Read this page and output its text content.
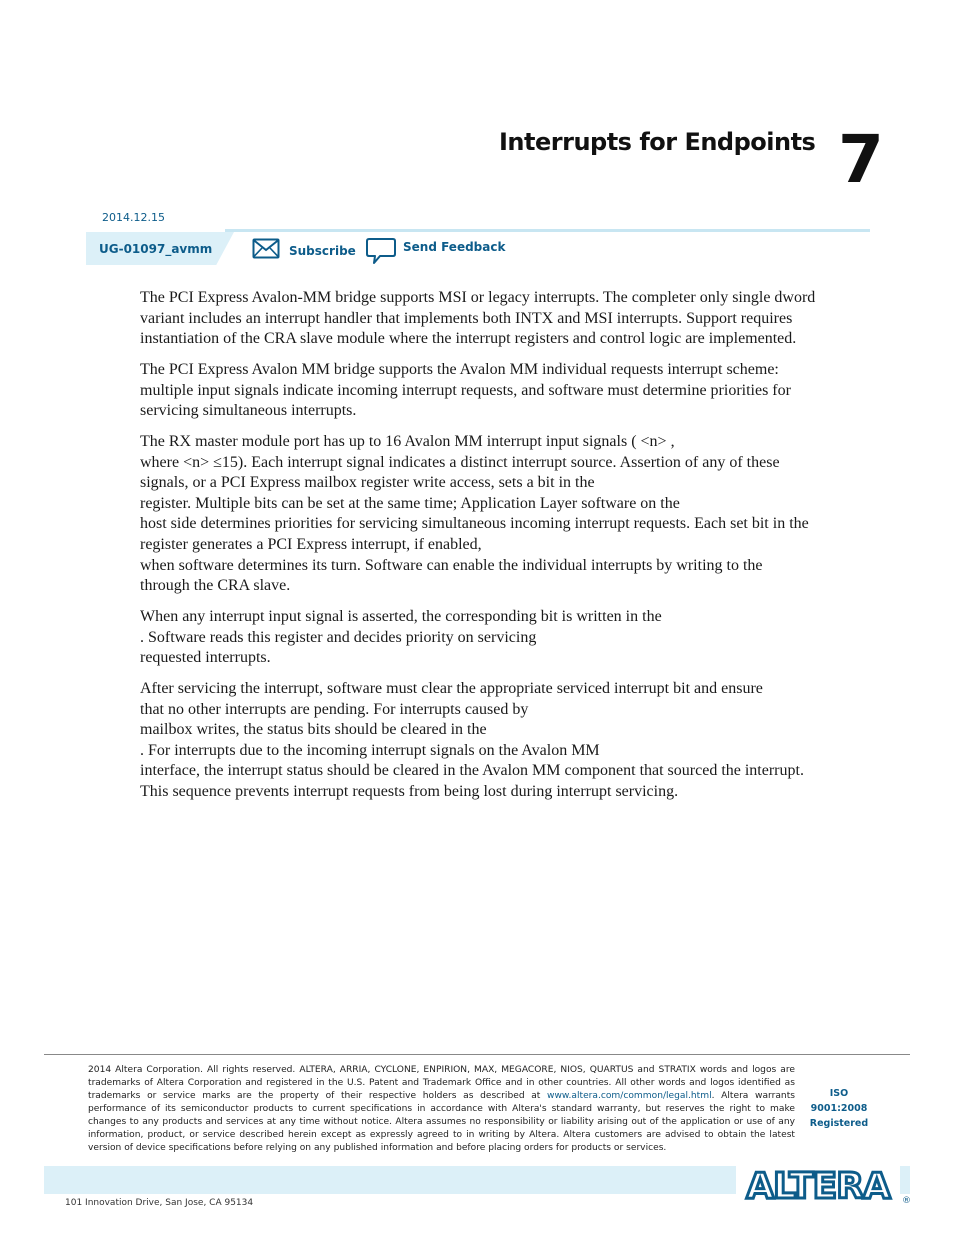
Interrupts for Endpoints 7
2014.12.15
UG-01097_avmm	Subscribe	Send Feedback

The PCI Express Avalon-MM bridge supports MSI or legacy interrupts. The completer only single dword
variant includes an interrupt handler that implements both INTX and MSI interrupts. Support requires
instantiation of the CRA slave module where the interrupt registers and control logic are implemented.

The PCI Express Avalon MM bridge supports the Avalon MM individual requests interrupt scheme:
multiple input signals indicate incoming interrupt requests, and software must determine priorities for
servicing simultaneous interrupts.

The RX master module port has up to 16 Avalon MM interrupt input signals ( <n> ,
where <n> ≤15). Each interrupt signal indicates a distinct interrupt source. Assertion of any of these
signals, or a PCI Express mailbox register write access, sets a bit in the
register. Multiple bits can be set at the same time; Application Layer software on the
host side determines priorities for servicing simultaneous incoming interrupt requests. Each set bit in the
register generates a PCI Express interrupt, if enabled,
when software determines its turn. Software can enable the individual interrupts by writing to the
through the CRA slave.

When any interrupt input signal is asserted, the corresponding bit is written in the
. Software reads this register and decides priority on servicing
requested interrupts.

After servicing the interrupt, software must clear the appropriate serviced interrupt bit and ensure
that no other interrupts are pending. For interrupts caused by
mailbox writes, the status bits should be cleared in the
. For interrupts due to the incoming interrupt signals on the Avalon MM
interface, the interrupt status should be cleared in the Avalon MM component that sourced the interrupt.
This sequence prevents interrupt requests from being lost during interrupt servicing.

2014 Altera Corporation. All rights reserved. ALTERA, ARRIA, CYCLONE, ENPIRION, MAX, MEGACORE, NIOS, QUARTUS and STRATIX words and logos are trademarks of Altera Corporation and registered in the U.S. Patent and Trademark Office and in other countries. All other words and logos identified as trademarks or service marks are the property of their respective holders as described at www.altera.com/common/legal.html. Altera warrants performance of its semiconductor products to current specifications in accordance with Altera's standard warranty, but reserves the right to make changes to any products and services at any time without notice. Altera assumes no responsibility or liability arising out of the application or use of any information, product, or service described herein except as expressly agreed to in writing by Altera. Altera customers are advised to obtain the latest version of device specifications before relying on any published information and before placing orders for products or services.

ISO
9001:2008
Registered
ALTERA ®
101 Innovation Drive, San Jose, CA 95134
